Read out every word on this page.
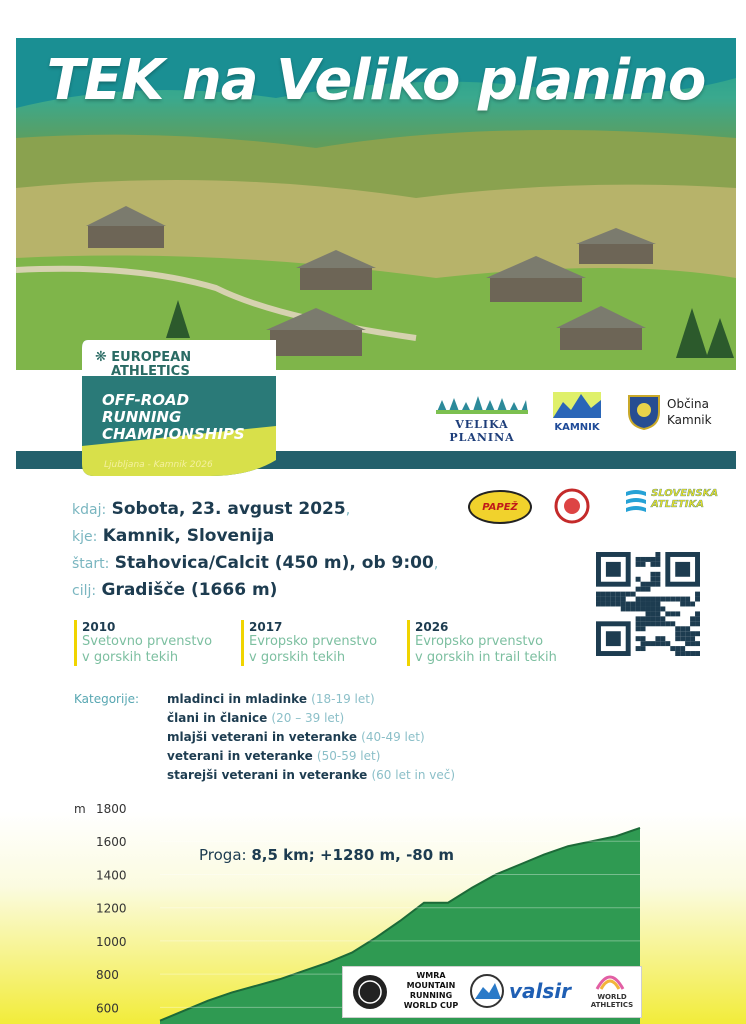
TEK na Veliko planino
❋ EUROPEAN
ATHLETICS
OFF-ROAD
RUNNING
CHAMPIONSHIPS
Ljubljana - Kamnik 2026
VELIKA PLANINA
KAMNIK
Občina
Kamnik
PAPEŽ
SLOVENSKA
ATLETIKA
kdaj: Sobota, 23. avgust 2025,
kje: Kamnik, Slovenija
štart: Stahovica/Calcit (450 m), ob 9:00,
cilj: Gradišče (1666 m)
2010
Svetovno prvenstvo
v gorskih tekih
2017
Evropsko prvenstvo
v gorskih tekih
2026
Evropsko prvenstvo
v gorskih in trail tekih
Kategorije: mladinci in mladinke (18-19 let)
člani in članice (20 – 39 let)
mlajši veterani in veteranke (40-49 let)
veterani in veteranke (50-59 let)
starejši veterani in veteranke (60 let in več)
m 1800
1600
1400
1200
1000
800
600
Proga: 8,5 km; +1280 m, -80 m
WMRA
MOUNTAIN
RUNNING
WORLD CUP
valsir	WORLD
ATHLETICS
